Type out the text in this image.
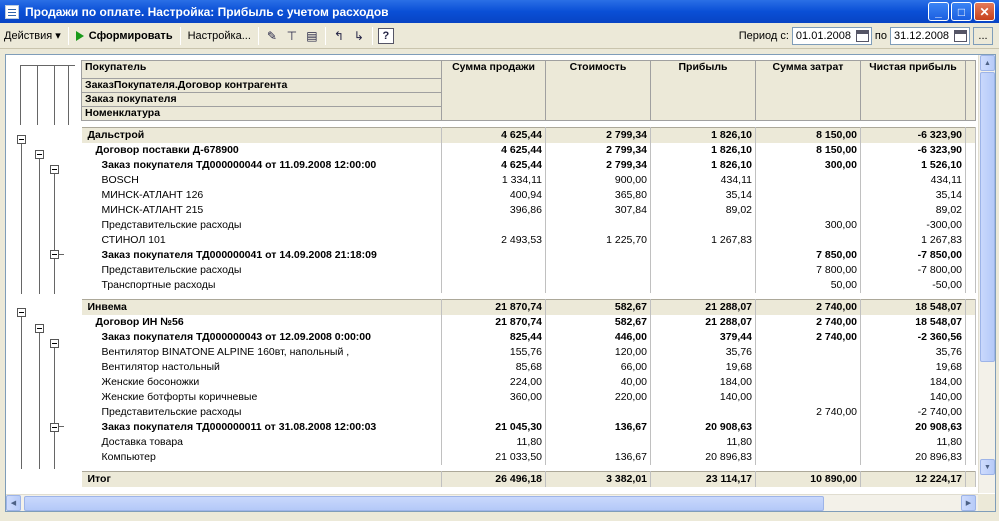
Продажи по оплате. Настройка: Прибыль с учетом расходов	_	□	✕
Действия ▾	Сформировать	Настройка...	✎ ⊤ ▤	↰ ↳	?	Период с: 01.01.2008 по 31.12.2008	...
Покупатель	Сумма продажи	Стоимость	Прибыль	Сумма затрат	Чистая прибыль	
ЗаказПокупателя.Договор контрагента						
Заказ покупателя						
Номенклатура						

Дальстрой	4 625,44	2 799,34	1 826,10	8 150,00	-6 323,90	
Договор поставки Д-678900	4 625,44	2 799,34	1 826,10	8 150,00	-6 323,90	
Заказ покупателя ТД000000044 от 11.09.2008 12:00:00	4 625,44	2 799,34	1 826,10	300,00	1 526,10	
BOSCH	1 334,11	900,00	434,11		434,11	
МИНСК-АТЛАНТ 126	400,94	365,80	35,14		35,14	
МИНСК-АТЛАНТ 215	396,86	307,84	89,02		89,02	
Представительские расходы				300,00	-300,00	
СТИНОЛ 101	2 493,53	1 225,70	1 267,83		1 267,83	
Заказ покупателя ТД000000041 от 14.09.2008 21:18:09				7 850,00	-7 850,00	
Представительские расходы				7 800,00	-7 800,00	
Транспортные расходы				50,00	-50,00	

Инвема	21 870,74	582,67	21 288,07	2 740,00	18 548,07	
Договор ИН №56	21 870,74	582,67	21 288,07	2 740,00	18 548,07	
Заказ покупателя ТД000000043 от 12.09.2008 0:00:00	825,44	446,00	379,44	2 740,00	-2 360,56	
Вентилятор BINATONE ALPINE 160вт, напольный ,	155,76	120,00	35,76		35,76	
Вентилятор настольный	85,68	66,00	19,68		19,68	
Женские босоножки	224,00	40,00	184,00		184,00	
Женские ботфорты коричневые	360,00	220,00	140,00		140,00	
Представительские расходы				2 740,00	-2 740,00	
Заказ покупателя ТД000000011 от 31.08.2008 12:00:03	21 045,30	136,67	20 908,63		20 908,63	
Доставка товара	11,80		11,80		11,80	
Компьютер	21 033,50	136,67	20 896,83		20 896,83	

Итог	26 496,18	3 382,01	23 114,17	10 890,00	12 224,17	
▲
▼
◀	▶
